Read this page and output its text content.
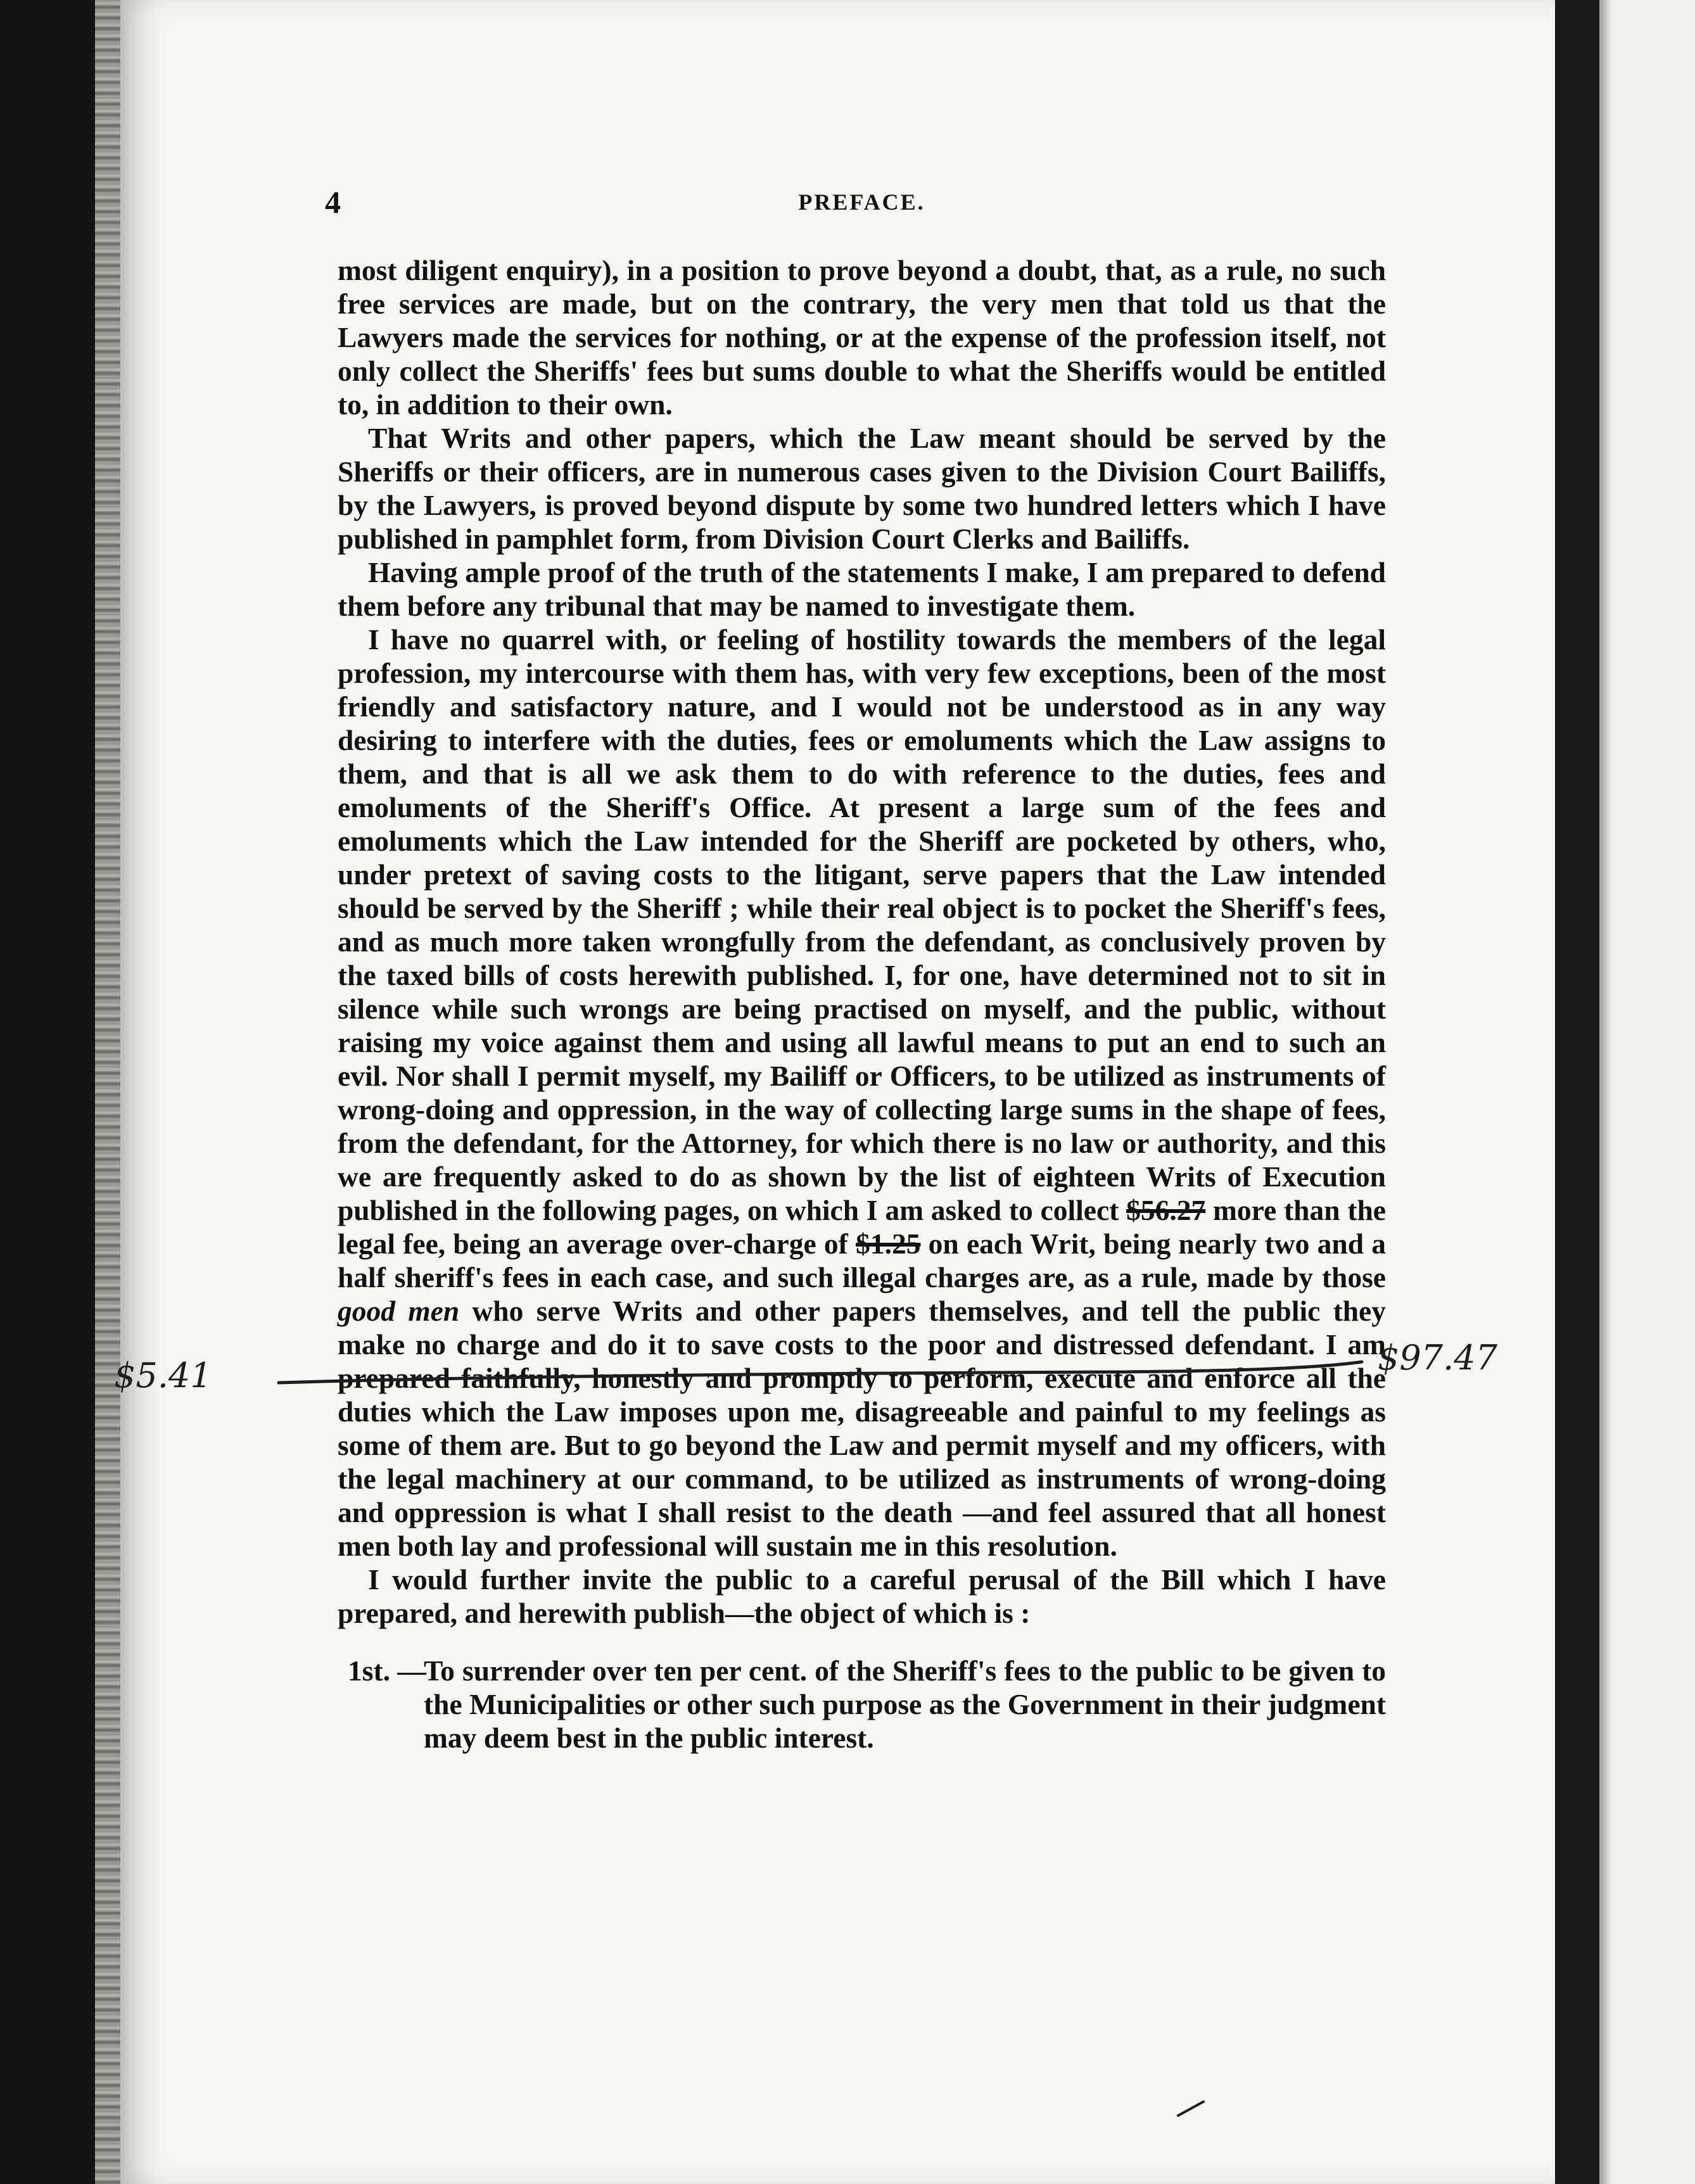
4	PREFACE.

most diligent enquiry), in a position to prove beyond a doubt, that, as a rule, no such free services are made, but on the contrary, the very men that told us that the Lawyers made the services for nothing, or at the expense of the profession itself, not only collect the Sheriffs' fees but sums double to what the Sheriffs would be entitled to, in addition to their own.

That Writs and other papers, which the Law meant should be served by the Sheriffs or their officers, are in numerous cases given to the Division Court Bailiffs, by the Lawyers, is proved beyond dispute by some two hundred letters which I have published in pamphlet form, from Division Court Clerks and Bailiffs.

Having ample proof of the truth of the statements I make, I am prepared to defend them before any tribunal that may be named to investigate them.

I have no quarrel with, or feeling of hostility towards the members of the legal profession, my intercourse with them has, with very few exceptions, been of the most friendly and satisfactory nature, and I would not be understood as in any way desiring to interfere with the duties, fees or emoluments which the Law assigns to them, and that is all we ask them to do with reference to the duties, fees and emoluments of the Sheriff's Office. At present a large sum of the fees and emoluments which the Law intended for the Sheriff are pocketed by others, who, under pretext of saving costs to the litigant, serve papers that the Law intended should be served by the Sheriff ; while their real object is to pocket the Sheriff's fees, and as much more taken wrongfully from the defendant, as conclusively proven by the taxed bills of costs herewith published. I, for one, have determined not to sit in silence while such wrongs are being practised on myself, and the public, without raising my voice against them and using all lawful means to put an end to such an evil. Nor shall I permit myself, my Bailiff or Officers, to be utilized as instruments of wrong-doing and oppression, in the way of collecting large sums in the shape of fees, from the defendant, for the Attorney, for which there is no law or authority, and this we are frequently asked to do as shown by the list of eighteen Writs of Execution published in the following pages, on which I am asked to collect $56.27 more than the legal fee, being an average over-charge of $1.25 on each Writ, being nearly two and a half sheriff's fees in each case, and such illegal charges are, as a rule, made by those good men who serve Writs and other papers themselves, and tell the public they make no charge and do it to save costs to the poor and distressed defendant. I am prepared faithfully, honestly and promptly to perform, execute and enforce all the duties which the Law imposes upon me, disagreeable and painful to my feelings as some of them are. But to go beyond the Law and permit myself and my officers, with the legal machinery at our command, to be utilized as instruments of wrong-doing and oppression is what I shall resist to the death —and feel assured that all honest men both lay and professional will sustain me in this resolution.

I would further invite the public to a careful perusal of the Bill which I have prepared, and herewith publish—the object of which is :

1st. —
To surrender over ten per cent. of the Sheriff's fees to the public to be given to the Municipalities or other such purpose as the Government in their judgment may deem best in the public interest.
$5.41	$97.47
